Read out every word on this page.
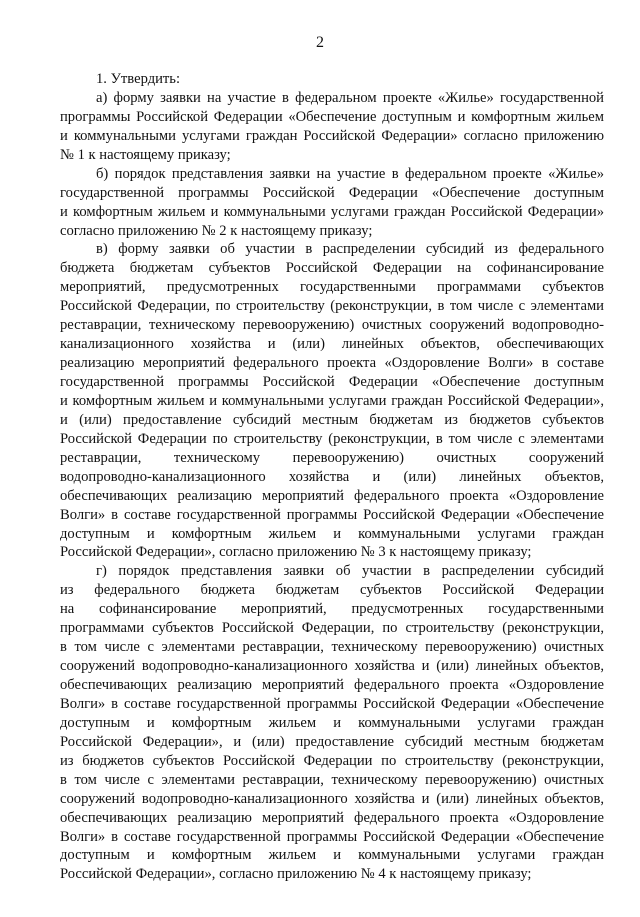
2
1. Утвердить:
а) форму заявки на участие в федеральном проекте «Жилье» государственной
программы Российской Федерации «Обеспечение доступным и комфортным жильем
и коммунальными услугами граждан Российской Федерации» согласно приложению
№ 1 к настоящему приказу;
б) порядок представления заявки на участие в федеральном проекте «Жилье»
государственной программы Российской Федерации «Обеспечение доступным
и комфортным жильем и коммунальными услугами граждан Российской Федерации»
согласно приложению № 2 к настоящему приказу;
в) форму заявки об участии в распределении субсидий из федерального
бюджета бюджетам субъектов Российской Федерации на софинансирование
мероприятий, предусмотренных государственными программами субъектов
Российской Федерации, по строительству (реконструкции, в том числе с элементами
реставрации, техническому перевооружению) очистных сооружений водопроводно-
канализационного хозяйства и (или) линейных объектов, обеспечивающих
реализацию мероприятий федерального проекта «Оздоровление Волги» в составе
государственной программы Российской Федерации «Обеспечение доступным
и комфортным жильем и коммунальными услугами граждан Российской Федерации»,
и (или) предоставление субсидий местным бюджетам из бюджетов субъектов
Российской Федерации по строительству (реконструкции, в том числе с элементами
реставрации, техническому перевооружению) очистных сооружений
водопроводно-канализационного хозяйства и (или) линейных объектов,
обеспечивающих реализацию мероприятий федерального проекта «Оздоровление
Волги» в составе государственной программы Российской Федерации «Обеспечение
доступным и комфортным жильем и коммунальными услугами граждан
Российской Федерации», согласно приложению № 3 к настоящему приказу;
г) порядок представления заявки об участии в распределении субсидий
из федерального бюджета бюджетам субъектов Российской Федерации
на софинансирование мероприятий, предусмотренных государственными
программами субъектов Российской Федерации, по строительству (реконструкции,
в том числе с элементами реставрации, техническому перевооружению) очистных
сооружений водопроводно-канализационного хозяйства и (или) линейных объектов,
обеспечивающих реализацию мероприятий федерального проекта «Оздоровление
Волги» в составе государственной программы Российской Федерации «Обеспечение
доступным и комфортным жильем и коммунальными услугами граждан
Российской Федерации», и (или) предоставление субсидий местным бюджетам
из бюджетов субъектов Российской Федерации по строительству (реконструкции,
в том числе с элементами реставрации, техническому перевооружению) очистных
сооружений водопроводно-канализационного хозяйства и (или) линейных объектов,
обеспечивающих реализацию мероприятий федерального проекта «Оздоровление
Волги» в составе государственной программы Российской Федерации «Обеспечение
доступным и комфортным жильем и коммунальными услугами граждан
Российской Федерации», согласно приложению № 4 к настоящему приказу;
